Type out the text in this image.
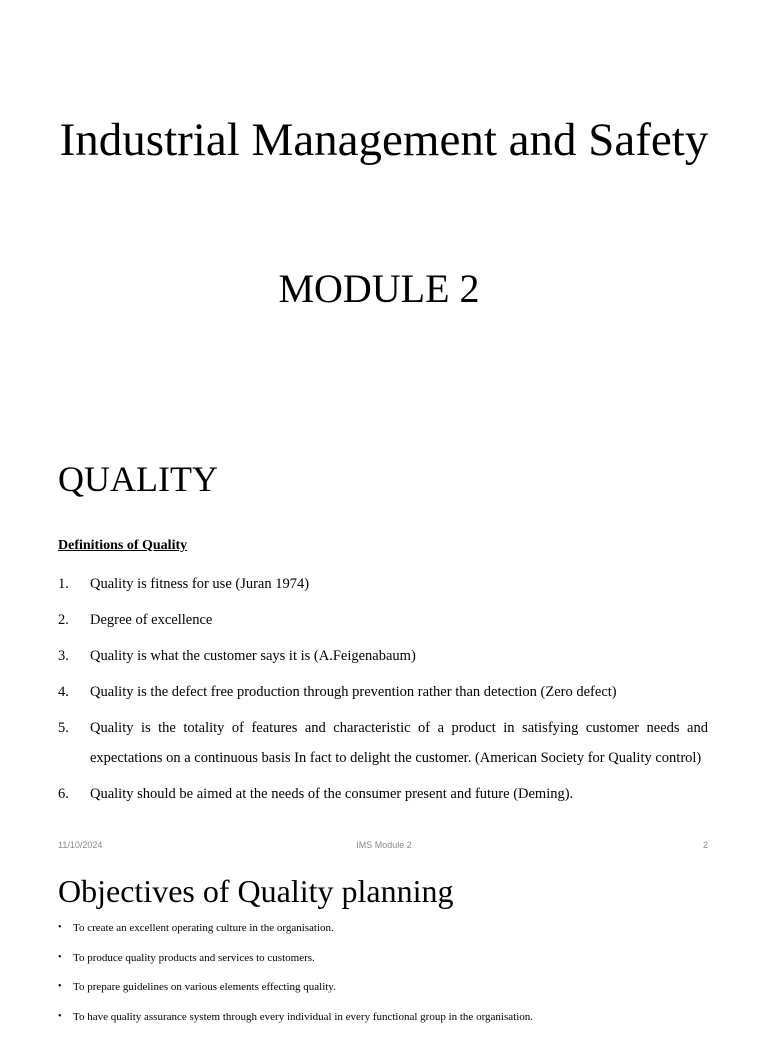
Industrial Management and Safety
MODULE 2
QUALITY
Definitions of Quality
1. Quality is fitness for use (Juran 1974)
2. Degree of excellence
3. Quality is what the customer says it is (A.Feigenabaum)
4. Quality is the defect free production through prevention rather than detection (Zero defect)
5. Quality is the totality of features and characteristic of a product in satisfying customer needs and expectations on a continuous basis In fact to delight the customer. (American Society for Quality control)
6. Quality should be aimed at the needs of the consumer present and future (Deming).
11/10/2024	IMS Module 2	2
Objectives of Quality planning
• To create an excellent operating culture in the organisation.
• To produce quality products and services to customers.
• To prepare guidelines on various elements effecting quality.
• To have quality assurance system through every individual in every functional group in the organisation.
